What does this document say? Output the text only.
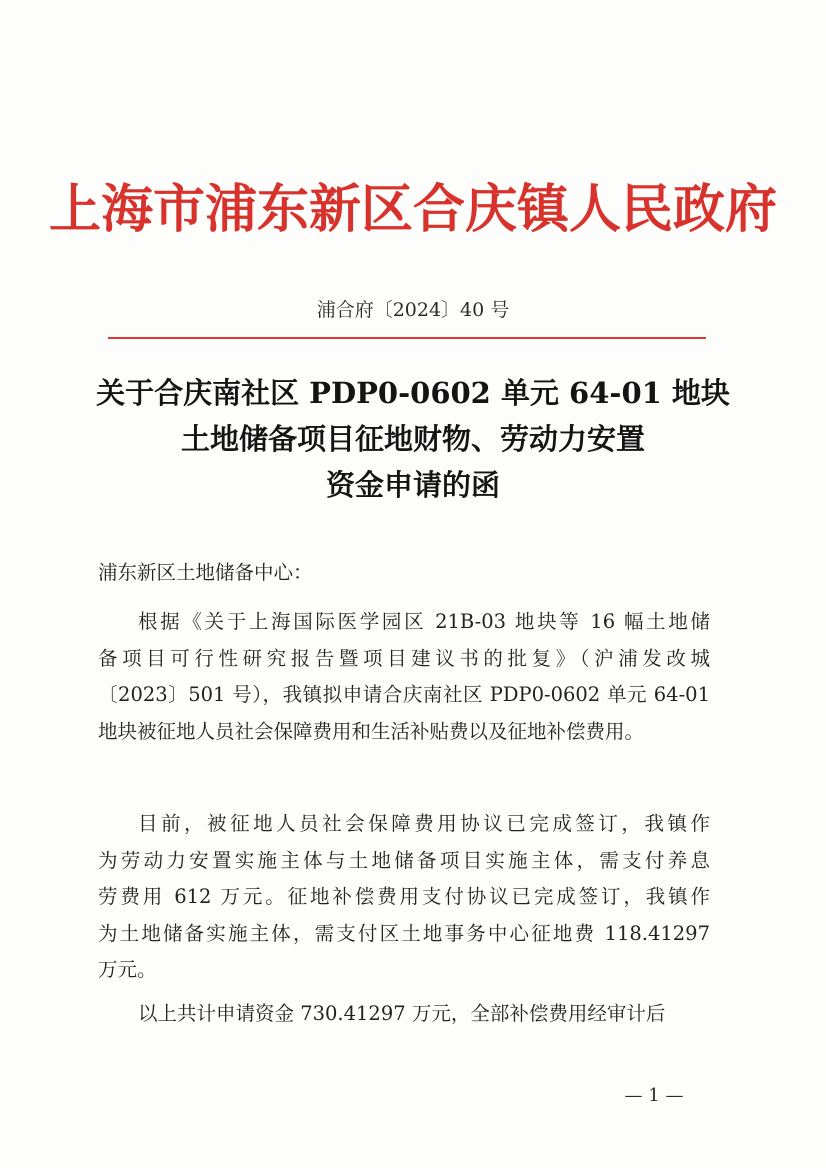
上海市浦东新区合庆镇人民政府
浦合府〔2024〕40 号
关于合庆南社区 PDP0-0602 单元 64-01 地块
土地储备项目征地财物、劳动力安置
资金申请的函
浦东新区土地储备中心：
根据《关于上海国际医学园区 21B-03 地块等 16 幅土地储
备项目可行性研究报告暨项目建议书的批复》（沪浦发改城
〔2023〕501 号），我镇拟申请合庆南社区 PDP0-0602 单元 64-01
地块被征地人员社会保障费用和生活补贴费以及征地补偿费用。
目前，被征地人员社会保障费用协议已完成签订，我镇作
为劳动力安置实施主体与土地储备项目实施主体，需支付养息
劳费用 612 万元。征地补偿费用支付协议已完成签订，我镇作
为土地储备实施主体，需支付区土地事务中心征地费 118.41297
万元。
以上共计申请资金 730.41297 万元，全部补偿费用经审计后
— 1 —
